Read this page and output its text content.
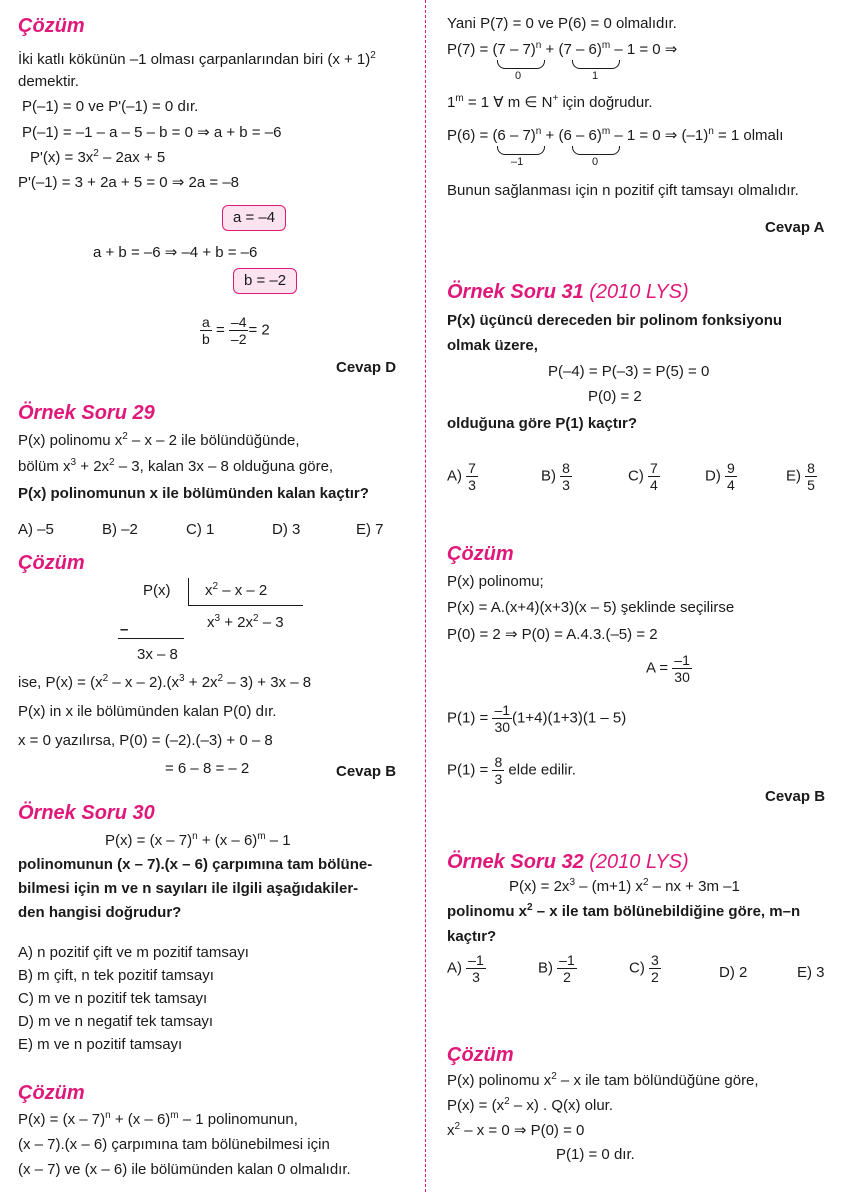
Çözüm
İki katlı kökünün –1 olması çarpanlarından biri $(x + 1)^2$
demektir.
P(–1) = 0 ve P'(–1) = 0 dır.
P(–1) = –1 – a – 5 – b = 0 ⇒ a + b = –6
$P'(x) = 3x^2 - 2ax + 5$
P'(–1) = 3 + 2a + 5 = 0 ⇒ 2a = –8
a = –4
a + b = –6 ⇒ –4 + b = –6
b = –2
$\frac{a}{b} = \frac{-4}{-2} = 2$
Cevap D
Örnek Soru 29
P(x) polinomu $x^2$ – x – 2 ile bölündüğünde,
bölüm $x^3 + 2x^2 - 3$, kalan 3x – 8 olduğuna göre,
P(x) polinomunun x ile bölümünden kalan kaçtır?
A) –5	B) –2	C) 1	D) 3	E) 7
Çözüm
P(x) $x^2$ – x – 2
$x^3 + 2x^2 - 3$
–
3x – 8
ise, $P(x) = (x^2 - x - 2).(x^3 + 2x^2 - 3) + 3x - 8$
P(x) in x ile bölümünden kalan P(0) dır.
x = 0 yazılırsa, P(0) = (–2).(–3) + 0 – 8
= 6 – 8 = – 2	Cevap B
Örnek Soru 30
P(x) = (x – 7)$^n$ + (x – 6)$^m$ – 1
polinomunun (x – 7).(x – 6) çarpımına tam bölüne-
bilmesi için m ve n sayıları ile ilgili aşağıdakiler-
den hangisi doğrudur?
A) n pozitif çift ve m pozitif tamsayı
B) m çift, n tek pozitif tamsayı
C) m ve n pozitif tek tamsayı
D) m ve n negatif tek tamsayı
E) m ve n pozitif tamsayı
Çözüm
P(x) = (x – 7)$^n$ + (x – 6)$^m$ – 1 polinomunun,
(x – 7).(x – 6) çarpımına tam bölünebilmesi için
(x – 7) ve (x – 6) ile bölümünden kalan 0 olmalıdır.
Yani P(7) = 0 ve P(6) = 0 olmalıdır.
P(7) = (7 – 7)$^n$ + (7 – 6)$^m$ – 1 = 0 ⇒
0	1
$1^m = 1$ ∀ m ∈ N+ için doğrudur.
P(6) = (6 – 7)$^n$ + (6 – 6)$^m$ – 1 = 0 ⇒ $(-1)^n = 1$ olmalı
–1	0
Bunun sağlanması için n pozitif çift tamsayı olmalıdır.
Cevap A
Örnek Soru 31 (2010 LYS)
P(x) üçüncü dereceden bir polinom fonksiyonu
olmak üzere,
P(–4) = P(–3) = P(5) = 0
P(0) = 2
olduğuna göre P(1) kaçtır?
$A) \frac{7}{3}$	$B) \frac{8}{3}$	$C) \frac{7}{4}$	$D) \frac{9}{4}$	$E) \frac{8}{5}$
Çözüm
P(x) polinomu;
P(x) = A.(x+4)(x+3)(x – 5) şeklinde seçilirse
P(0) = 2 ⇒ P(0) = A.4.3.(–5) = 2
$A = \frac{-1}{30}$
$P(1) = \frac{-1}{30} (1+4)(1+3)(1 - 5)$
$P(1) = \frac{8}{3}$ elde edilir.
Cevap B
Örnek Soru 32 (2010 LYS)
$P(x) = 2x^3 - (m+1)$ $x^2$ – nx + 3m –1
polinomu $x^2$ – x ile tam bölünebildiğine göre, m–n
kaçtır?
$A) \frac{-1}{3}$	$B) \frac{-1}{2}$	$C) \frac{3}{2}$	D) 2	E) 3
Çözüm
P(x) polinomu $x^2$ – x ile tam bölündüğüne göre,
$P(x) = (x^2 - x)$ . Q(x) olur.
$x^2 - x = 0$ ⇒ P(0) = 0
P(1) = 0 dır.
